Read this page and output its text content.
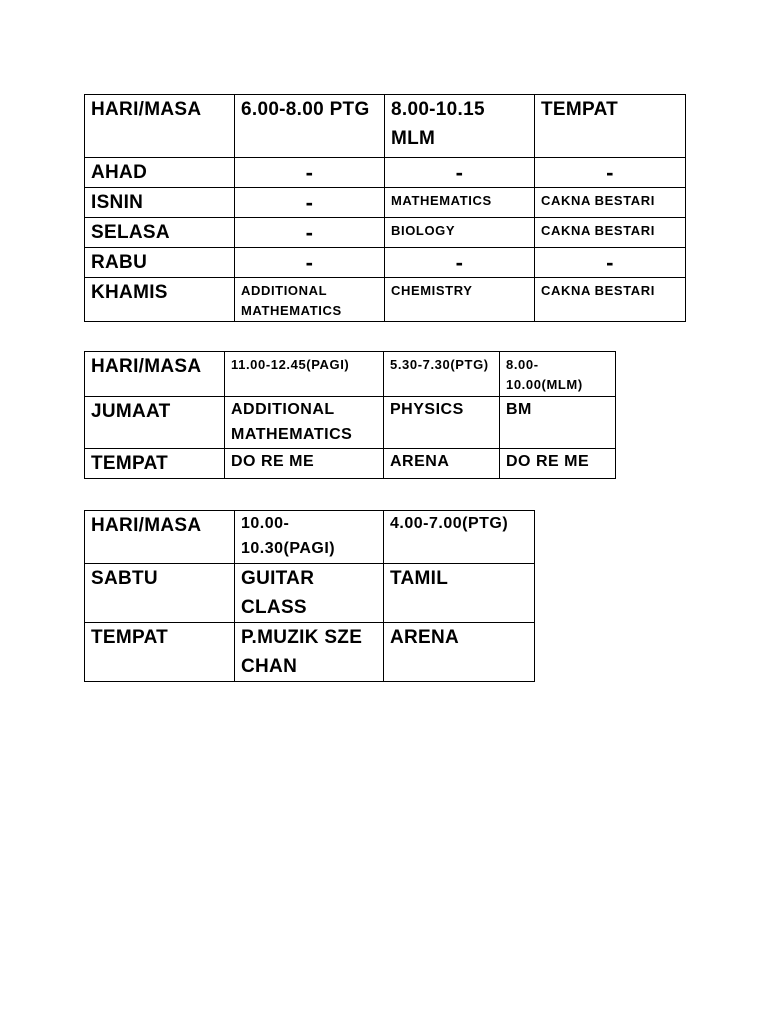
HARI/MASA	6.00-8.00 PTG	8.00-10.15 MLM	TEMPAT
AHAD	-	-	-
ISNIN	-	MATHEMATICS	CAKNA BESTARI
SELASA	-	BIOLOGY	CAKNA BESTARI
RABU	-	-	-
KHAMIS	ADDITIONAL MATHEMATICS	CHEMISTRY	CAKNA BESTARI
HARI/MASA	11.00-12.45(PAGI)	5.30-7.30(PTG)	8.00-10.00(MLM)
JUMAAT	ADDITIONAL MATHEMATICS	PHYSICS	BM
TEMPAT	DO RE ME	ARENA	DO RE ME
HARI/MASA	10.00-10.30(PAGI)	4.00-7.00(PTG)
SABTU	GUITAR CLASS	TAMIL
TEMPAT	P.MUZIK SZE CHAN	ARENA
